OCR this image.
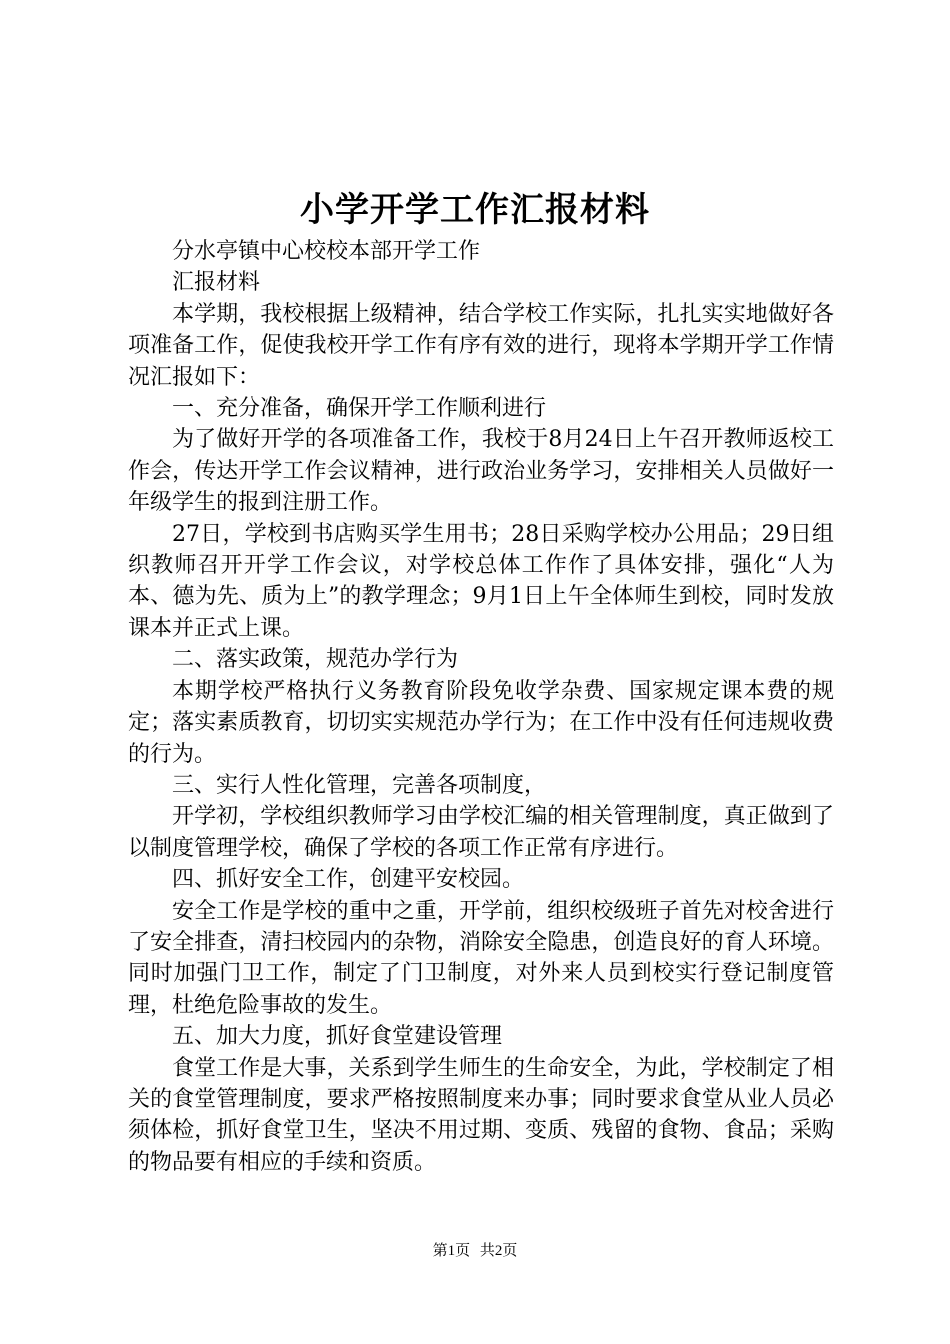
小学开学工作汇报材料

分水亭镇中心校校本部开学工作

汇报材料

本学期，我校根据上级精神，结合学校工作实际，扎扎实实地做好各项准备工作，促使我校开学工作有序有效的进行，现将本学期开学工作情况汇报如下：

一、充分准备，确保开学工作顺利进行

为了做好开学的各项准备工作，我校于8月24日上午召开教师返校工作会，传达开学工作会议精神，进行政治业务学习，安排相关人员做好一年级学生的报到注册工作。

27日，学校到书店购买学生用书；28日采购学校办公用品；29日组织教师召开开学工作会议，对学校总体工作作了具体安排，强化“人为本、德为先、质为上”的教学理念；9月1日上午全体师生到校，同时发放课本并正式上课。

二、落实政策，规范办学行为

本期学校严格执行义务教育阶段免收学杂费、国家规定课本费的规定；落实素质教育，切切实实规范办学行为；在工作中没有任何违规收费的行为。

三、实行人性化管理，完善各项制度，

开学初，学校组织教师学习由学校汇编的相关管理制度，真正做到了以制度管理学校，确保了学校的各项工作正常有序进行。

四、抓好安全工作，创建平安校园。

安全工作是学校的重中之重，开学前，组织校级班子首先对校舍进行了安全排查，清扫校园内的杂物，消除安全隐患，创造良好的育人环境。同时加强门卫工作，制定了门卫制度，对外来人员到校实行登记制度管理，杜绝危险事故的发生。

五、加大力度，抓好食堂建设管理

食堂工作是大事，关系到学生师生的生命安全，为此，学校制定了相关的食堂管理制度，要求严格按照制度来办事；同时要求食堂从业人员必须体检，抓好食堂卫生，坚决不用过期、变质、残留的食物、食品；采购的物品要有相应的手续和资质。

第1页 共2页
